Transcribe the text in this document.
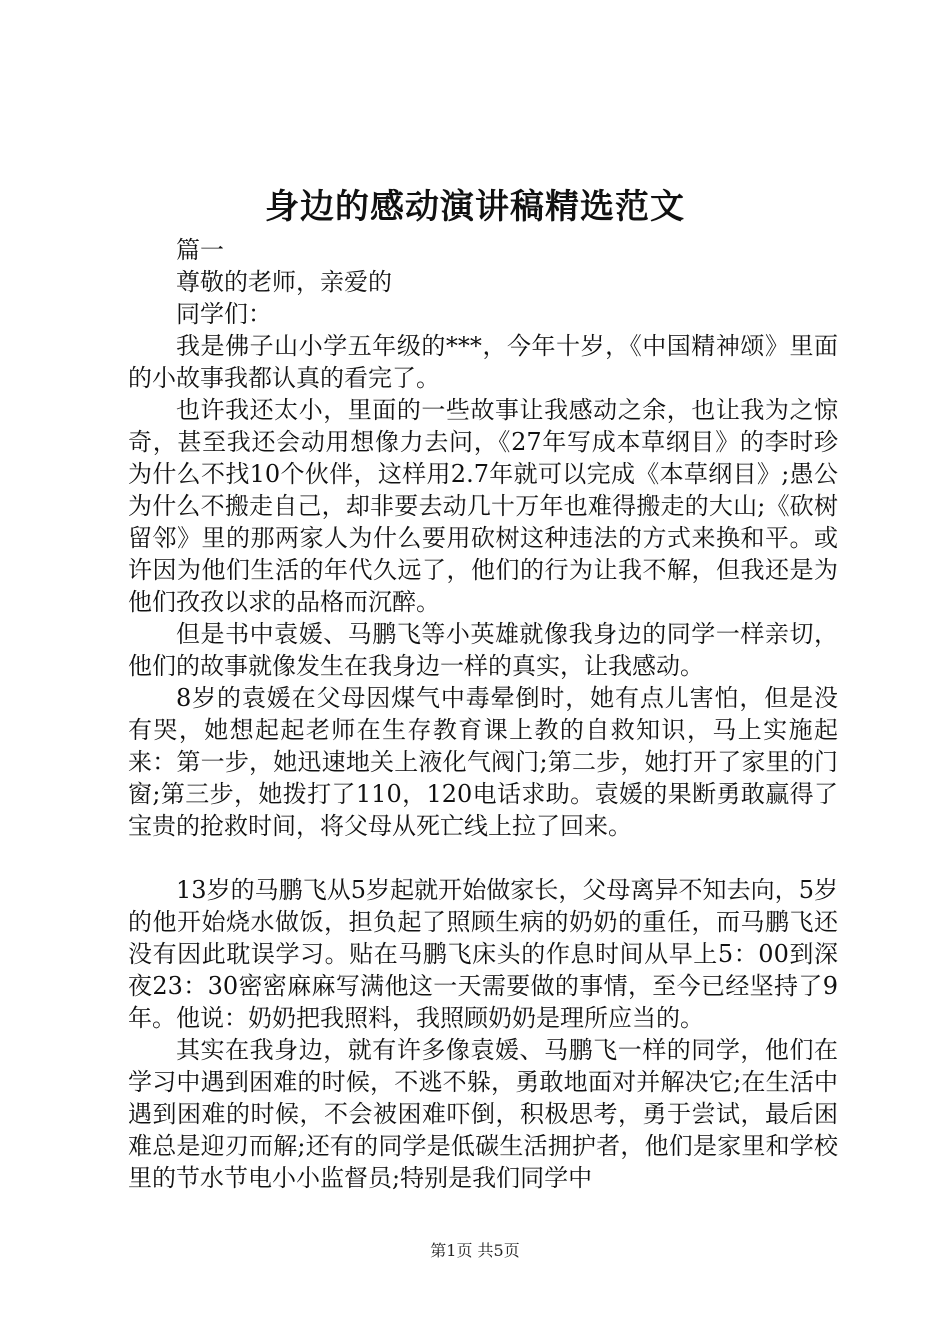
身边的感动演讲稿精选范文

篇一

尊敬的老师，亲爱的

同学们：

我是佛子山小学五年级的***，今年十岁，《中国精神颂》里面的小故事我都认真的看完了。

也许我还太小，里面的一些故事让我感动之余，也让我为之惊奇，甚至我还会动用想像力去问，《27年写成本草纲目》的李时珍为什么不找10个伙伴，这样用2.7年就可以完成《本草纲目》;愚公为什么不搬走自己，却非要去动几十万年也难得搬走的大山;《砍树留邻》里的那两家人为什么要用砍树这种违法的方式来换和平。或许因为他们生活的年代久远了，他们的行为让我不解，但我还是为他们孜孜以求的品格而沉醉。

但是书中袁媛、马鹏飞等小英雄就像我身边的同学一样亲切，他们的故事就像发生在我身边一样的真实，让我感动。

8岁的袁媛在父母因煤气中毒晕倒时，她有点儿害怕，但是没有哭，她想起起老师在生存教育课上教的自救知识，马上实施起来：第一步，她迅速地关上液化气阀门;第二步，她打开了家里的门窗;第三步，她拨打了110，120电话求助。袁媛的果断勇敢赢得了宝贵的抢救时间，将父母从死亡线上拉了回来。

13岁的马鹏飞从5岁起就开始做家长，父母离异不知去向，5岁的他开始烧水做饭，担负起了照顾生病的奶奶的重任，而马鹏飞还没有因此耽误学习。贴在马鹏飞床头的作息时间从早上5：00到深夜23：30密密麻麻写满他这一天需要做的事情，至今已经坚持了9年。他说：奶奶把我照料，我照顾奶奶是理所应当的。

其实在我身边，就有许多像袁媛、马鹏飞一样的同学，他们在学习中遇到困难的时候，不逃不躲，勇敢地面对并解决它;在生活中遇到困难的时候，不会被困难吓倒，积极思考，勇于尝试，最后困难总是迎刃而解;还有的同学是低碳生活拥护者，他们是家里和学校里的节水节电小小监督员;特别是我们同学中

第1页 共5页
